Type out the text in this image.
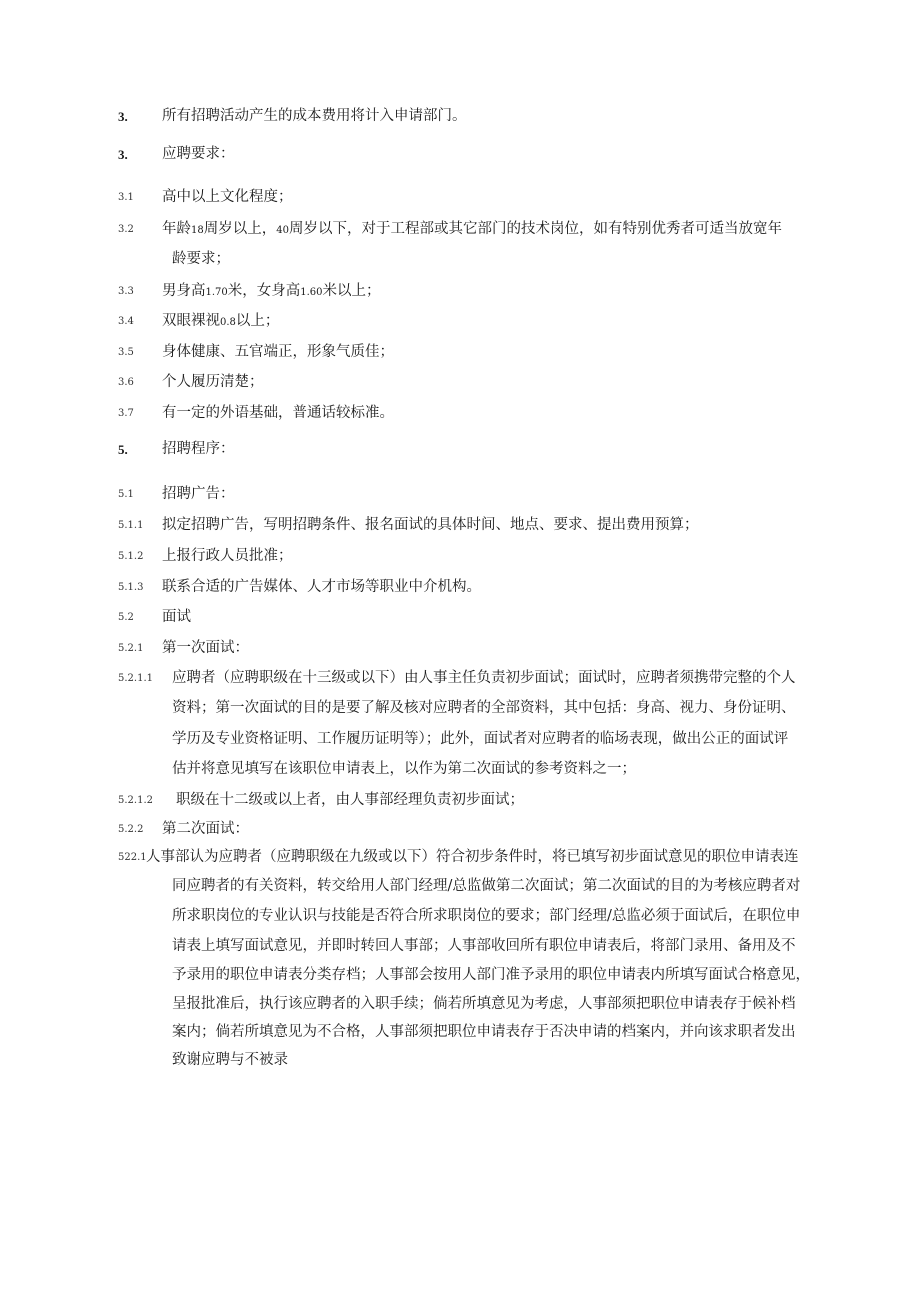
3. 所有招聘活动产生的成本费用将计入申请部门。
3. 应聘要求：
3.1 高中以上文化程度；
3.2 年龄18周岁以上，40周岁以下，对于工程部或其它部门的技术岗位，如有特别优秀者可适当放宽年
龄要求；
3.3 男身高1.70米，女身高1.60米以上；
3.4 双眼裸视0.8以上；
3.5 身体健康、五官端正，形象气质佳；
3.6 个人履历清楚；
3.7 有一定的外语基础，普通话较标准。
5. 招聘程序：
5.1 招聘广告：
5.1.1 拟定招聘广告，写明招聘条件、报名面试的具体时间、地点、要求、提出费用预算；
5.1.2 上报行政人员批准；
5.1.3 联系合适的广告媒体、人才市场等职业中介机构。
5.2 面试
5.2.1 第一次面试：
5.2.1.1 应聘者（应聘职级在十三级或以下）由人事主任负责初步面试；面试时，应聘者须携带完整的个人
资料；第一次面试的目的是要了解及核对应聘者的全部资料，其中包括：身高、视力、身份证明、
学历及专业资格证明、工作履历证明等）；此外，面试者对应聘者的临场表现，做出公正的面试评
估并将意见填写在该职位申请表上，以作为第二次面试的参考资料之一；
5.2.1.2 职级在十二级或以上者，由人事部经理负责初步面试；
5.2.2 第二次面试：
522.1 人事部认为应聘者（应聘职级在九级或以下）符合初步条件时，将已填写初步面试意见的职位申请表连
同应聘者的有关资料，转交给用人部门经理/总监做第二次面试；第二次面试的目的为考核应聘者对
所求职岗位的专业认识与技能是否符合所求职岗位的要求；部门经理/总监必须于面试后，在职位申
请表上填写面试意见，并即时转回人事部；人事部收回所有职位申请表后，将部门录用、备用及不
予录用的职位申请表分类存档；人事部会按用人部门准予录用的职位申请表内所填写面试合格意见，
呈报批准后，执行该应聘者的入职手续；倘若所填意见为考虑，人事部须把职位申请表存于候补档
案内；倘若所填意见为不合格，人事部须把职位申请表存于否决申请的档案内，并向该求职者发出
致谢应聘与不被录
